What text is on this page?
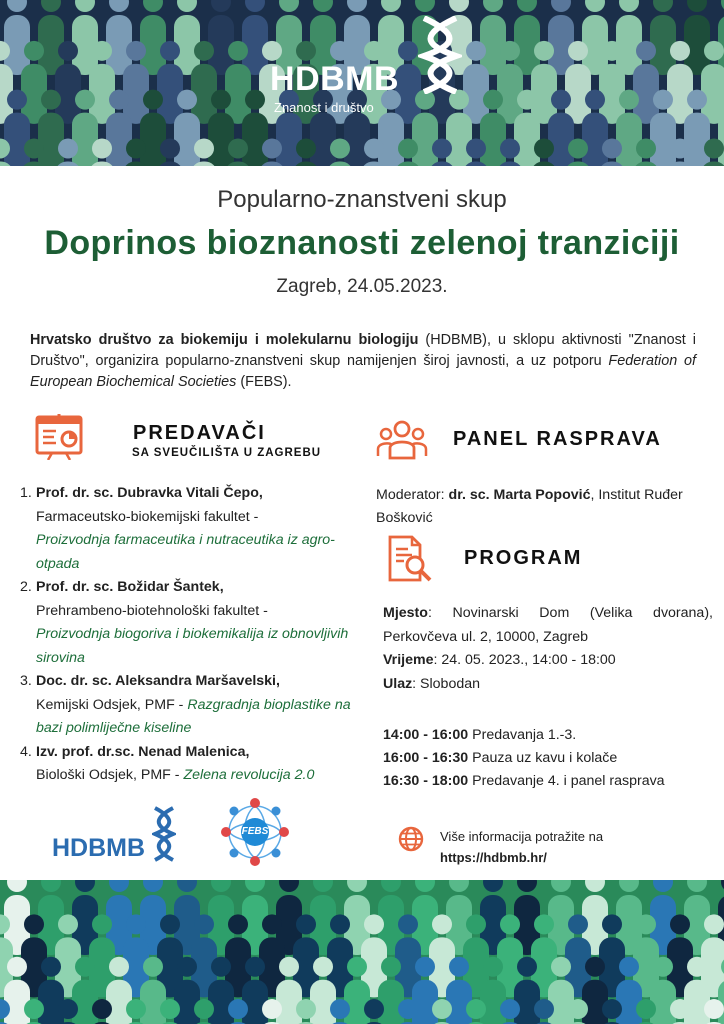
HDBMB
Znanost i društvo
Popularno-znanstveni skup
Doprinos bioznanosti zelenoj tranziciji
Zagreb, 24.05.2023.
Hrvatsko društvo za biokemiju i molekularnu biologiju (HDBMB), u sklopu aktivnosti "Znanost i Društvo", organizira popularno-znanstveni skup namijenjen široj javnosti, a uz potporu Federation of European Biochemical Societies (FEBS).
PREDAVAČI
SA SVEUČILIŠTA U ZAGREBU
PANEL RASPRAVA
1. Prof. dr. sc. Dubravka Vitali Čepo,
Farmaceutsko-biokemijski fakultet -
Proizvodnja farmaceutika i nutraceutika iz agro-otpada
2. Prof. dr. sc. Božidar Šantek,
Prehrambeno-biotehnološki fakultet -
Proizvodnja biogoriva i biokemikalija iz obnovljivih sirovina
3. Doc. dr. sc. Aleksandra Maršavelski,
Kemijski Odsjek, PMF - Razgradnja bioplastike na bazi polimliječne kiseline
4. Izv. prof. dr.sc. Nenad Malenica,
Biološki Odsjek, PMF - Zelena revolucija 2.0
Moderator: dr. sc. Marta Popović, Institut Ruđer Bošković
PROGRAM
Mjesto: Novinarski Dom (Velika dvorana), Perkovčeva ul. 2, 10000, Zagreb
Vrijeme: 24. 05. 2023., 14:00 - 18:00
Ulaz: Slobodan
14:00 - 16:00 Predavanja 1.-3.
16:00 - 16:30 Pauza uz kavu i kolače
16:30 - 18:00 Predavanje 4. i panel rasprava
HDBMB
FEBS	Više informacija potražite na
https://hdbmb.hr/
